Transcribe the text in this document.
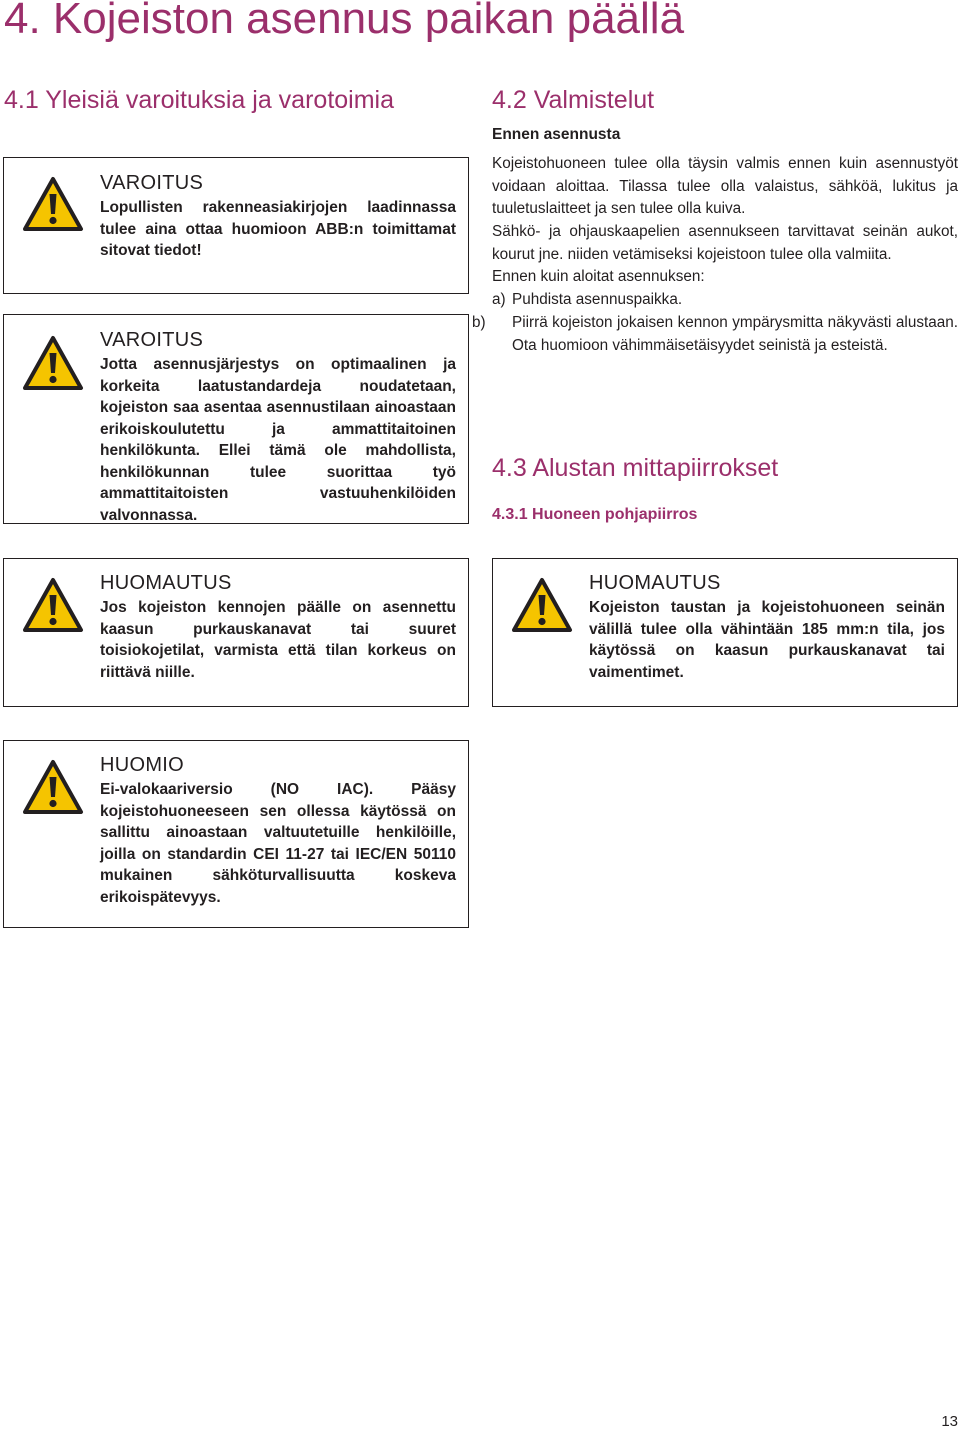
4. Kojeiston asennus paikan päällä
4.1 Yleisiä varoituksia ja varotoimia
VAROITUS

Lopullisten rakenneasiakirjojen laadinnassa tulee aina ottaa huomioon ABB:n toimittamat sitovat tiedot!

VAROITUS

Jotta asennusjärjestys on optimaalinen ja korkeita laatustandardeja noudatetaan, kojeiston saa asentaa asennustilaan ainoastaan erikoiskoulutettu ja ammattitaitoinen henkilökunta. Ellei tämä ole mahdollista, henkilökunnan tulee suorittaa työ ammattitaitoisten vastuuhenkilöiden valvonnassa.

4.2 Valmistelut
Ennen asennusta

Kojeistohuoneen tulee olla täysin valmis ennen kuin asennustyöt voidaan aloittaa. Tilassa tulee olla valaistus, sähköä, lukitus ja tuuletuslaitteet ja sen tulee olla kuiva.

Sähkö- ja ohjauskaapelien asennukseen tarvittavat seinän aukot, kourut jne. niiden vetämiseksi kojeistoon tulee olla valmiita.

Ennen kuin aloitat asennuksen:

a) Puhdista asennuspaikka.
b) Piirrä kojeiston jokaisen kennon ympärysmitta näkyvästi alustaan. Ota huomioon vähimmäisetäisyydet seinistä ja esteistä.
4.3 Alustan mittapiirrokset
4.3.1 Huoneen pohjapiirros
HUOMAUTUS

Jos kojeiston kennojen päälle on asennettu kaasun purkauskanavat tai suuret toisiokojetilat, varmista että tilan korkeus on riittävä niille.

HUOMAUTUS

Kojeiston taustan ja kojeistohuoneen seinän välillä tulee olla vähintään 185 mm:n tila, jos käytössä on kaasun purkauskanavat tai vaimentimet.

HUOMIO

Ei-valokaariversio (NO IAC). Pääsy kojeistohuoneeseen sen ollessa käytössä on sallittu ainoastaan valtuutetuille henkilöille, joilla on standardin CEI 11-27 tai IEC/EN 50110 mukainen sähköturvallisuutta koskeva erikoispätevyys.

13
